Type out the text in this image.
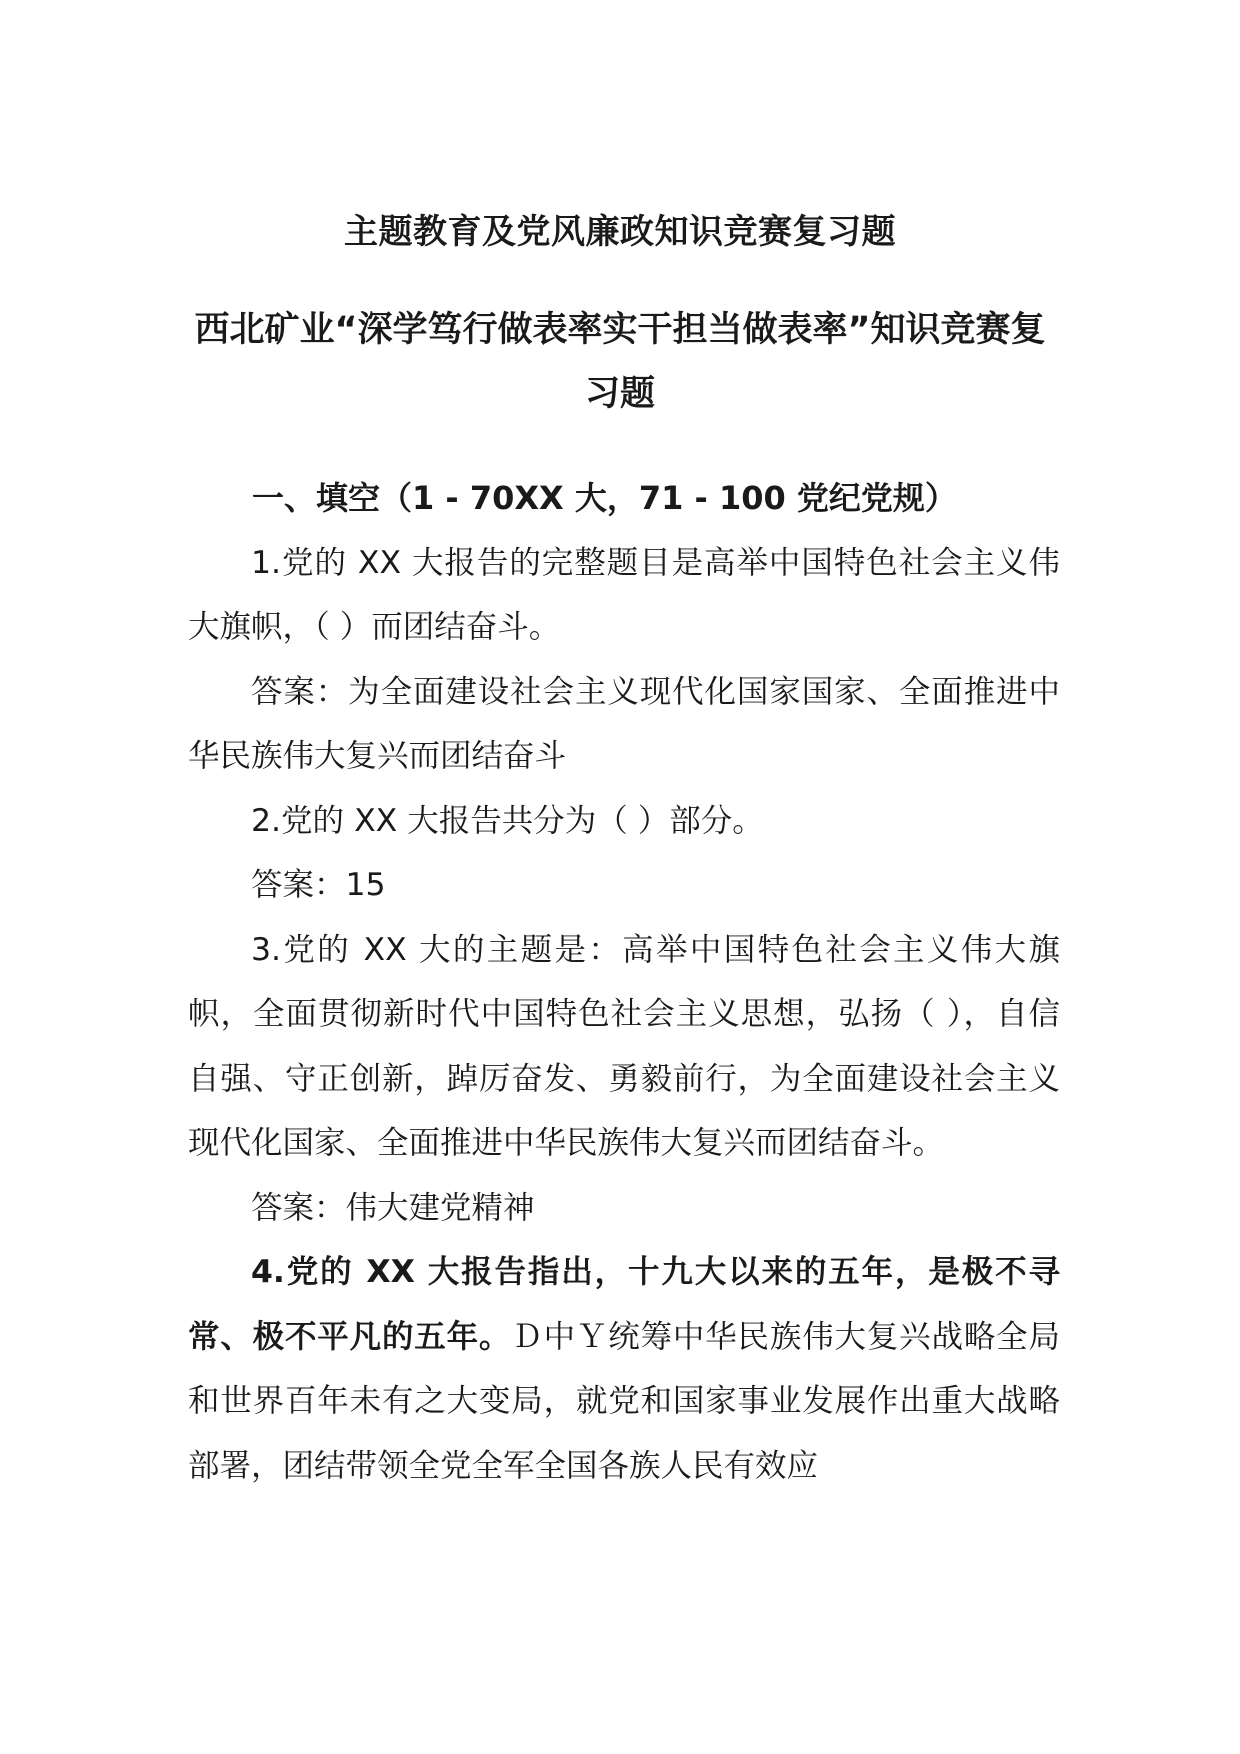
主题教育及党风廉政知识竞赛复习题
西北矿业“深学笃行做表率实干担当做表率”知识竞赛复习题

一、填空（1 - 70XX 大，71 - 100 党纪党规）

1.党的 XX 大报告的完整题目是高举中国特色社会主义伟大旗帜，（ ）而团结奋斗。

答案：为全面建设社会主义现代化国家国家、全面推进中华民族伟大复兴而团结奋斗

2.党的 XX 大报告共分为（ ）部分。

答案：15

3.党的 XX 大的主题是：高举中国特色社会主义伟大旗帜，全面贯彻新时代中国特色社会主义思想，弘扬（ ），自信自强、守正创新，踔厉奋发、勇毅前行，为全面建设社会主义现代化国家、全面推进中华民族伟大复兴而团结奋斗。

答案：伟大建党精神

4.党的 XX 大报告指出，十九大以来的五年，是极不寻常、极不平凡的五年。Ｄ中Ｙ统筹中华民族伟大复兴战略全局和世界百年未有之大变局，就党和国家事业发展作出重大战略部署，团结带领全党全军全国各族人民有效应
